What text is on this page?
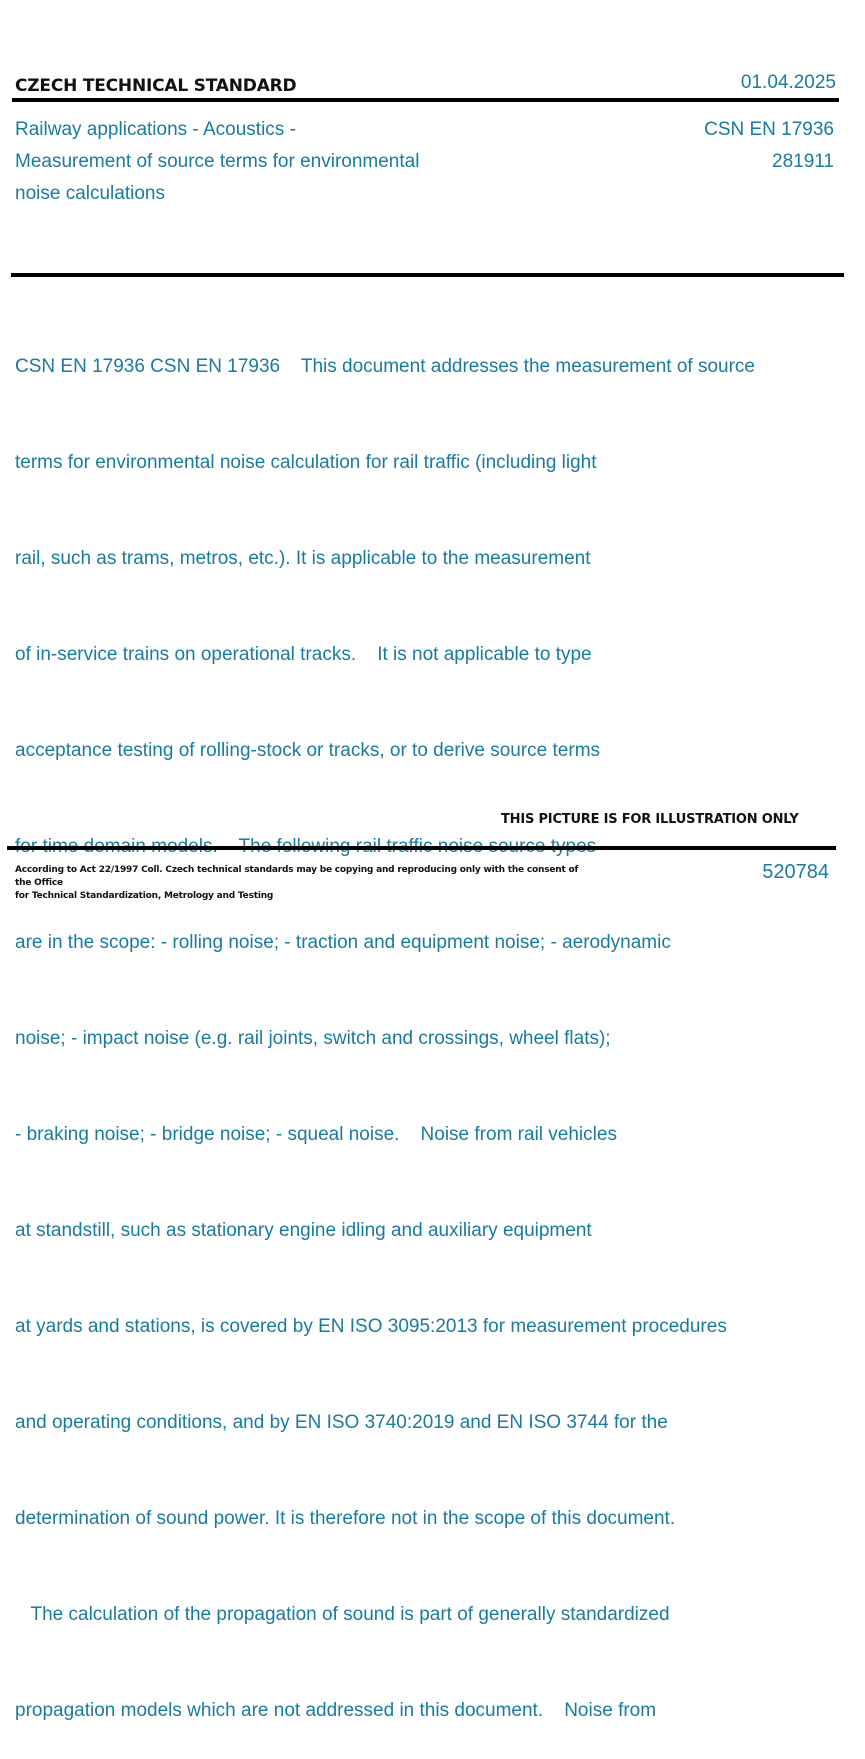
CZECH TECHNICAL STANDARD	01.04.2025
Railway applications - Acoustics -
Measurement of source terms for environmental
noise calculations
CSN EN 17936
281911

CSN EN 17936 CSN EN 17936    This document addresses the measurement of source

terms for environmental noise calculation for rail traffic (including light

rail, such as trams, metros, etc.). It is applicable to the measurement

of in-service trains on operational tracks.    It is not applicable to type

acceptance testing of rolling-stock or tracks, or to derive source terms

are in the scope: - rolling noise; - traction and equipment noise; - aerodynamic

noise; - impact noise (e.g. rail joints, switch and crossings, wheel flats);

- braking noise; - bridge noise; - squeal noise.    Noise from rail vehicles

at standstill, such as stationary engine idling and auxiliary equipment

at yards and stations, is covered by EN ISO 3095:2013 for measurement procedures

and operating conditions, and by EN ISO 3740:2019 and EN ISO 3744 for the

determination of sound power. It is therefore not in the scope of this document.

The calculation of the propagation of sound is part of generally standardized

propagation models which are not addressed in this document.    Noise from

THIS PICTURE IS FOR ILLUSTRATION ONLY
According to Act 22/1997 Coll. Czech technical standards may be copying and reproducing only with the consent of the Office
for Technical Standardization, Metrology and Testing
520784
